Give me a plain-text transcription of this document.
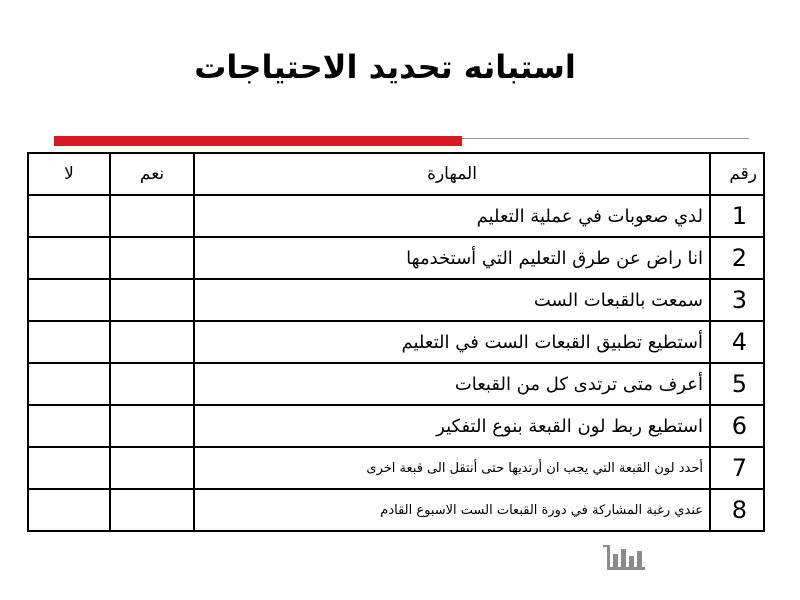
استبانه تحديد الاحتياجات
رقم	المهارة	نعم	لا
1	لدي صعوبات في عملية التعليم		
2	انا راض عن طرق التعليم التي أستخدمها		
3	سمعت بالقبعات الست		
4	أستطيع تطبيق القبعات الست في التعليم		
5	أعرف متى ترتدى كل من القبعات		
6	استطيع ربط لون القبعة بنوع التفكير		
7	أحدد لون القبعة التي يجب ان أرتديها حتى أنتقل الى قبعة اخرى		
8	عندي رغبة المشاركة في دورة القبعات الست الاسبوع القادم		
